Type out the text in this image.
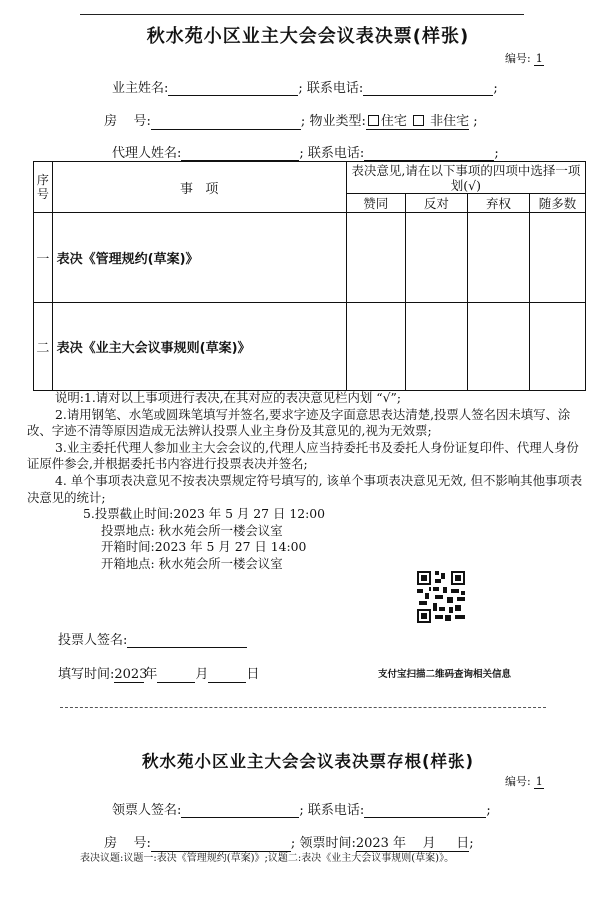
秋水苑小区业主大会会议表决票(样张)
编号: 1
业主姓名:	; 联系电话:	;
房    号:	; 物业类型: 住宅 非住宅 ;
代理人姓名:	; 联系电话:	;
序号	事   项	表决意见,请在以下事项的四项中选择一项划(√)			
		赞同	反对	弃权	随多数
一	表决《管理规约(草案)》				
二	表决《业主大会议事规则(草案)》				

说明:1.请对以上事项进行表决,在其对应的表决意见栏内划 “√”;

2.请用钢笔、水笔或圆珠笔填写并签名,要求字迹及字面意思表达清楚,投票人签名因未填写、涂改、字迹不清等原因造成无法辨认投票人业主身份及其意见的,视为无效票;

3.业主委托代理人参加业主大会会议的,代理人应当持委托书及委托人身份证复印件、代理人身份证原件参会,并根据委托书内容进行投票表决并签名;

4. 单个事项表决意见不按表决票规定符号填写的, 该单个事项表决意见无效, 但不影响其他事项表决意见的统计;

5.投票截止时间:2023 年 5 月 27 日 12:00

投票地点: 秋水苑会所一楼会议室

开箱时间:2023 年 5 月 27 日 14:00

开箱地点: 秋水苑会所一楼会议室

投票人签名:
填写时间:2023年	月	日	支付宝扫描二维码查询相关信息
秋水苑小区业主大会会议表决票存根(样张)
编号: 1
领票人签名:	; 联系电话:	;
房    号:	; 领票时间:2023 年 月 日;
表决议题:议题一:表决《管理规约(草案)》;议题二:表决《业主大会议事规则(草案)》。
